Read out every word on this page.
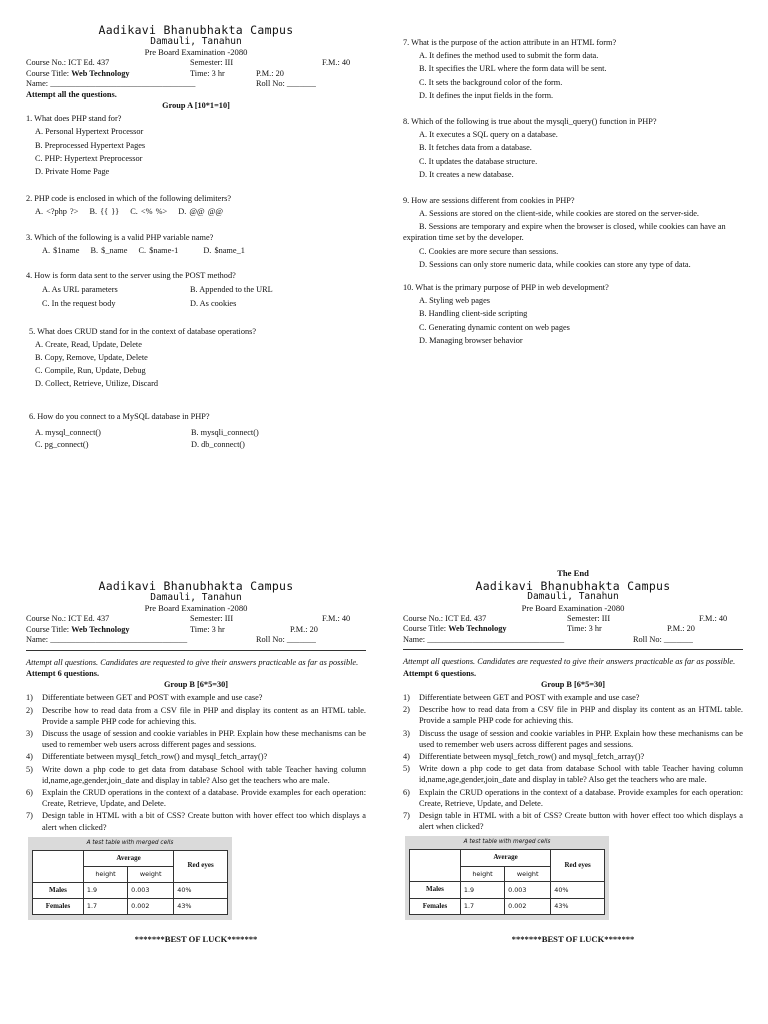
Aadikavi Bhanubhakta Campus
Damauli, Tanahun
Pre Board Examination -2080
Course No.: ICT Ed. 437	Semester: III	F.M.: 40
Course Title: Web Technology	Time: 3 hr	P.M.: 20
Name: ___________________________________	Roll No: _______
Attempt all the questions.
Group A [10*1=10]
1. What does PHP stand for?
A. Personal Hypertext Processor
B. Preprocessed Hypertext Pages
C. PHP: Hypertext Preprocessor
D. Private Home Page
2. PHP code is enclosed in which of the following delimiters?
A. <?php ?> B. {{ }} C. <% %> D. @@ @@
3. Which of the following is a valid PHP variable name?
A. $1name B. $_name C. $name-1	D. $name_1
4. How is form data sent to the server using the POST method?
A. As URL parameters	B. Appended to the URL
C. In the request body	D. As cookies
5. What does CRUD stand for in the context of database operations?
A. Create, Read, Update, Delete
B. Copy, Remove, Update, Delete
C. Compile, Run, Update, Debug
D. Collect, Retrieve, Utilize, Discard
6. How do you connect to a MySQL database in PHP?
A. mysql_connect()	B. mysqli_connect()
C. pg_connect()	D. db_connect()
7. What is the purpose of the action attribute in an HTML form?
A. It defines the method used to submit the form data.
B. It specifies the URL where the form data will be sent.
C. It sets the background color of the form.
D. It defines the input fields in the form.
8. Which of the following is true about the mysqli_query() function in PHP?
A. It executes a SQL query on a database.
B. It fetches data from a database.
C. It updates the database structure.
D. It creates a new database.
9. How are sessions different from cookies in PHP?
A. Sessions are stored on the client-side, while cookies are stored on the server-side.
B. Sessions are temporary and expire when the browser is closed, while cookies can have an expiration time set by the developer.
C. Cookies are more secure than sessions.
D. Sessions can only store numeric data, while cookies can store any type of data.
10. What is the primary purpose of PHP in web development?
A. Styling web pages
B. Handling client-side scripting
C. Generating dynamic content on web pages
D. Managing browser behavior
Aadikavi Bhanubhakta Campus
Damauli, Tanahun
Pre Board Examination -2080
Course No.: ICT Ed. 437	Semester: III	F.M.: 40
Course Title: Web Technology	Time: 3 hr	P.M.: 20
Name: _________________________________	Roll No: _______
Attempt all questions. Candidates are requested to give their answers practicable as far as possible.
Attempt 6 questions.
Group B [6*5=30]
1)	Differentiate between GET and POST with example and use case?
2)	Describe how to read data from a CSV file in PHP and display its content as an HTML table. Provide a sample PHP code for achieving this.
3)	Discuss the usage of session and cookie variables in PHP. Explain how these mechanisms can be used to remember web users across different pages and sessions.
4)	Differentiate between mysql_fetch_row() and mysql_fetch_array()?
5)	Write down a php code to get data from database School with table Teacher having column id,name,age,gender,join_date and display in table? Also get the teachers who are male.
6)	Explain the CRUD operations in the context of a database. Provide examples for each operation: Create, Retrieve, Update, and Delete.
7)	Design table in HTML with a bit of CSS? Create button with hover effect too which displays a alert when clicked?
A test table with merged cells
	Average		Red eyes
	height	weight	
Males	1.9	0.003	40%
Females	1.7	0.002	43%
*******BEST OF LUCK*******
The End
Aadikavi Bhanubhakta Campus
Damauli, Tanahun
Pre Board Examination -2080
Course No.: ICT Ed. 437	Semester: III	F.M.: 40
Course Title: Web Technology	Time: 3 hr	P.M.: 20
Name: _________________________________	Roll No: _______
Attempt all questions. Candidates are requested to give their answers practicable as far as possible.
Attempt 6 questions.
Group B [6*5=30]
1)	Differentiate between GET and POST with example and use case?
2)	Describe how to read data from a CSV file in PHP and display its content as an HTML table. Provide a sample PHP code for achieving this.
3)	Discuss the usage of session and cookie variables in PHP. Explain how these mechanisms can be used to remember web users across different pages and sessions.
4)	Differentiate between mysql_fetch_row() and mysql_fetch_array()?
5)	Write down a php code to get data from database School with table Teacher having column id,name,age,gender,join_date and display in table? Also get the teachers who are male.
6)	Explain the CRUD operations in the context of a database. Provide examples for each operation: Create, Retrieve, Update, and Delete.
7)	Design table in HTML with a bit of CSS? Create button with hover effect too which displays a alert when clicked?
A test table with merged cells
	Average		Red eyes
	height	weight	
Males	1.9	0.003	40%
Females	1.7	0.002	43%
*******BEST OF LUCK*******
